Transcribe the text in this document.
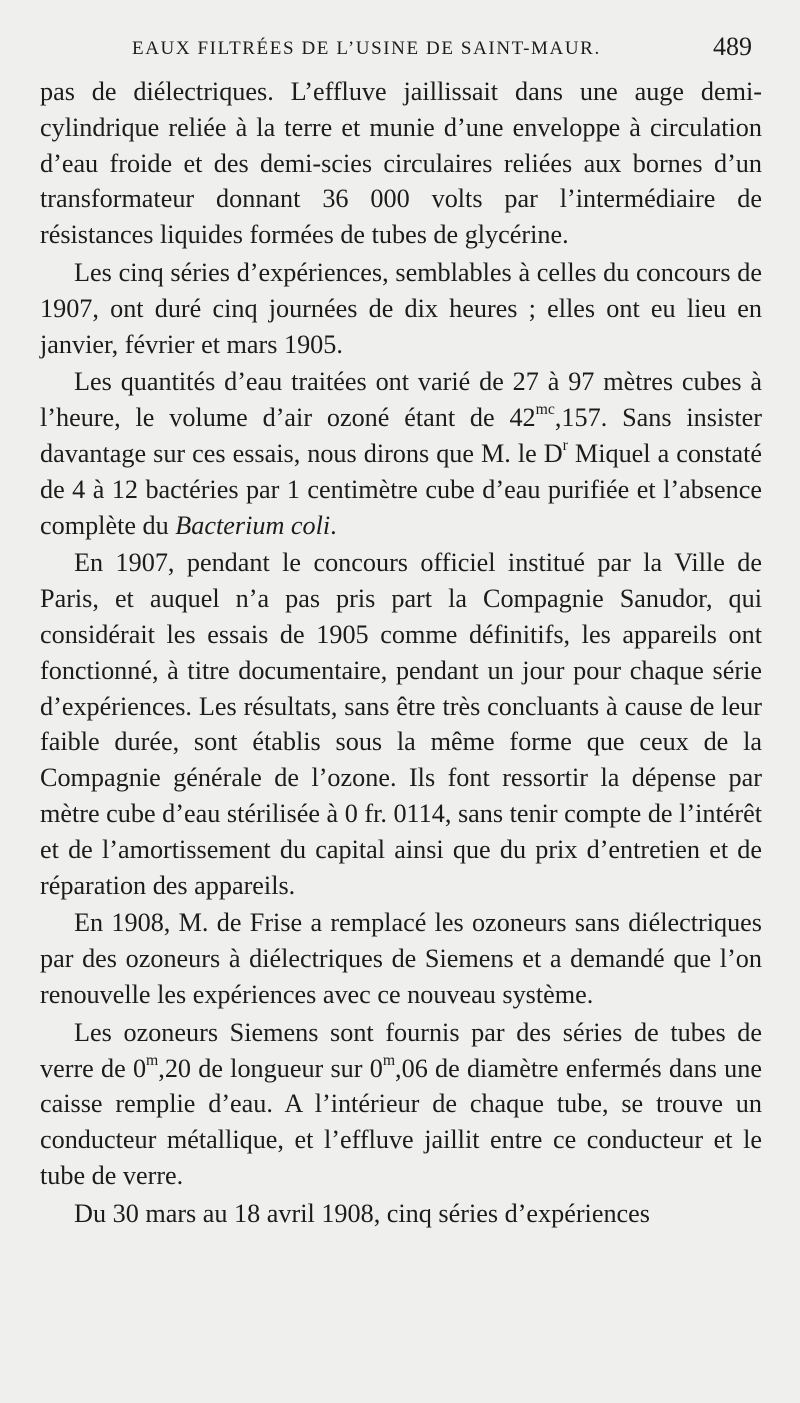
EAUX FILTRÉES DE L’USINE DE SAINT-MAUR.	489

pas de diélectriques. L’effluve jaillissait dans une auge demi-cylindrique reliée à la terre et munie d’une enveloppe à circulation d’eau froide et des demi-scies circulaires reliées aux bornes d’un transformateur donnant 36 000 volts par l’intermédiaire de résistances liquides formées de tubes de glycérine.

Les cinq séries d’expériences, semblables à celles du concours de 1907, ont duré cinq journées de dix heures ; elles ont eu lieu en janvier, février et mars 1905.

Les quantités d’eau traitées ont varié de 27 à 97 mètres cubes à l’heure, le volume d’air ozoné étant de $42^{mc},157$. Sans insister davantage sur ces essais, nous dirons que M. le $D^r$ Miquel a constaté de 4 à 12 bactéries par 1 centimètre cube d’eau purifiée et l’absence complète du Bacterium coli.

En 1907, pendant le concours officiel institué par la Ville de Paris, et auquel n’a pas pris part la Compagnie Sanudor, qui considérait les essais de 1905 comme définitifs, les appareils ont fonctionné, à titre documentaire, pendant un jour pour chaque série d’expériences. Les résultats, sans être très concluants à cause de leur faible durée, sont établis sous la même forme que ceux de la Compagnie générale de l’ozone. Ils font ressortir la dépense par mètre cube d’eau stérilisée à 0 fr. 0114, sans tenir compte de l’intérêt et de l’amortissement du capital ainsi que du prix d’entretien et de réparation des appareils.

En 1908, M. de Frise a remplacé les ozoneurs sans diélectriques par des ozoneurs à diélectriques de Siemens et a demandé que l’on renouvelle les expériences avec ce nouveau système.

Les ozoneurs Siemens sont fournis par des séries de tubes de verre de 0$^m$,20 de longueur sur 0$^m$,06 de diamètre enfermés dans une caisse remplie d’eau. A l’intérieur de chaque tube, se trouve un conducteur métallique, et l’effluve jaillit entre ce conducteur et le tube de verre.

Du 30 mars au 18 avril 1908, cinq séries d’expériences
